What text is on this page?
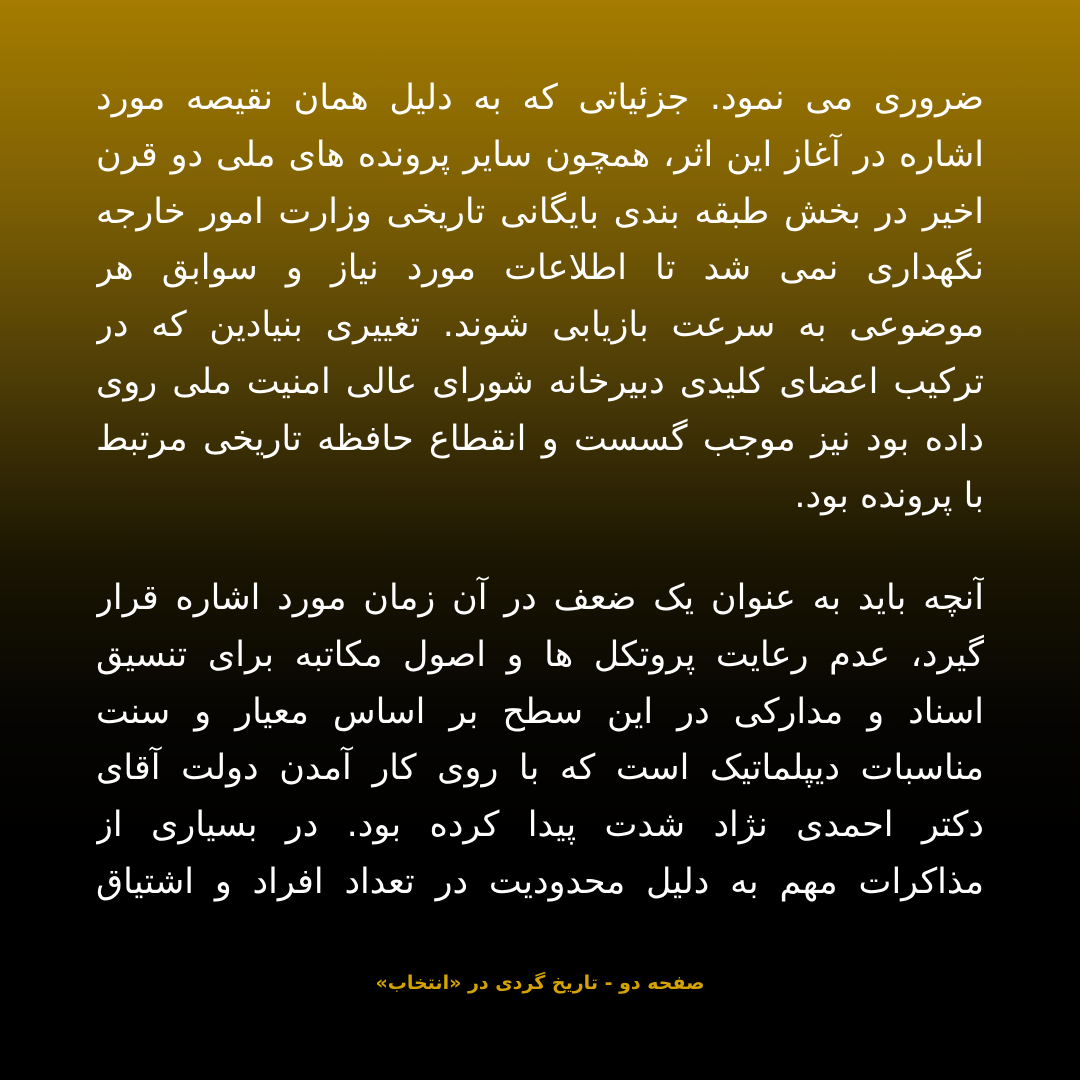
ضروری می نمود. جزئیاتی که به دلیل همان نقیصه مورد
اشاره در آغاز این اثر، همچون سایر پرونده های ملی دو قرن
اخیر در بخش طبقه بندی بایگانی تاریخی وزارت امور خارجه
نگهداری نمی شد تا اطلاعات مورد نیاز و سوابق هر
موضوعی به سرعت بازیابی شوند. تغییری بنیادین که در
ترکیب اعضای کلیدی دبیرخانه شورای عالی امنیت ملی روی
داده بود نیز موجب گسست و انقطاع حافظه تاریخی مرتبط
با پرونده بود.
آنچه باید به عنوان یک ضعف در آن زمان مورد اشاره قرار
گیرد، عدم رعایت پروتکل ها و اصول مکاتبه برای تنسیق
اسناد و مدارکی در این سطح بر اساس معیار و سنت
مناسبات دیپلماتیک است که با روی کار آمدن دولت آقای
دکتر احمدی نژاد شدت پیدا کرده بود. در بسیاری از
مذاکرات مهم به دلیل محدودیت در تعداد افراد و اشتیاق
صفحه دو - تاریخ گردی در «انتخاب»
